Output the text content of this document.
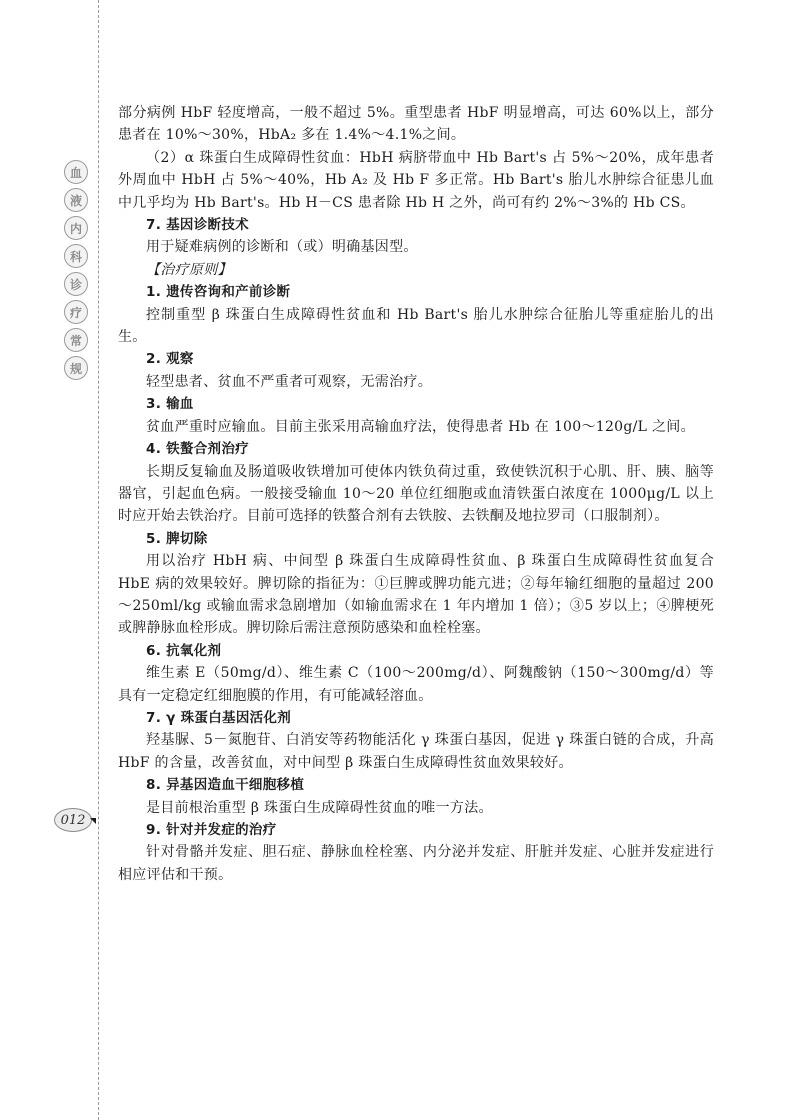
血
液
内
科
诊
疗
常
规
012

部分病例 HbF 轻度增高，一般不超过 5%。重型患者 HbF 明显增高，可达 60%以上，部分患者在 10%～30%，HbA₂ 多在 1.4%～4.1%之间。

（2）α 珠蛋白生成障碍性贫血：HbH 病脐带血中 Hb Bart's 占 5%～20%，成年患者外周血中 HbH 占 5%～40%，Hb A₂ 及 Hb F 多正常。Hb Bart's 胎儿水肿综合征患儿血中几乎均为 Hb Bart's。Hb H－CS 患者除 Hb H 之外，尚可有约 2%～3%的 Hb CS。

7. 基因诊断技术

用于疑难病例的诊断和（或）明确基因型。

【治疗原则】

1. 遗传咨询和产前诊断

控制重型 β 珠蛋白生成障碍性贫血和 Hb Bart's 胎儿水肿综合征胎儿等重症胎儿的出生。

2. 观察

轻型患者、贫血不严重者可观察，无需治疗。

3. 输血

贫血严重时应输血。目前主张采用高输血疗法，使得患者 Hb 在 100～120g/L 之间。

4. 铁螯合剂治疗

长期反复输血及肠道吸收铁增加可使体内铁负荷过重，致使铁沉积于心肌、肝、胰、脑等器官，引起血色病。一般接受输血 10～20 单位红细胞或血清铁蛋白浓度在 1000μg/L 以上时应开始去铁治疗。目前可选择的铁螯合剂有去铁胺、去铁酮及地拉罗司（口服制剂）。

5. 脾切除

用以治疗 HbH 病、中间型 β 珠蛋白生成障碍性贫血、β 珠蛋白生成障碍性贫血复合 HbE 病的效果较好。脾切除的指征为：①巨脾或脾功能亢进；②每年输红细胞的量超过 200～250ml/kg 或输血需求急剧增加（如输血需求在 1 年内增加 1 倍）；③5 岁以上；④脾梗死或脾静脉血栓形成。脾切除后需注意预防感染和血栓栓塞。

6. 抗氧化剂

维生素 E（50mg/d）、维生素 C（100～200mg/d）、阿魏酸钠（150～300mg/d）等具有一定稳定红细胞膜的作用，有可能减轻溶血。

7. γ 珠蛋白基因活化剂

羟基脲、5－氮胞苷、白消安等药物能活化 γ 珠蛋白基因，促进 γ 珠蛋白链的合成，升高 HbF 的含量，改善贫血，对中间型 β 珠蛋白生成障碍性贫血效果较好。

8. 异基因造血干细胞移植

是目前根治重型 β 珠蛋白生成障碍性贫血的唯一方法。

9. 针对并发症的治疗

针对骨骼并发症、胆石症、静脉血栓栓塞、内分泌并发症、肝脏并发症、心脏并发症进行相应评估和干预。
